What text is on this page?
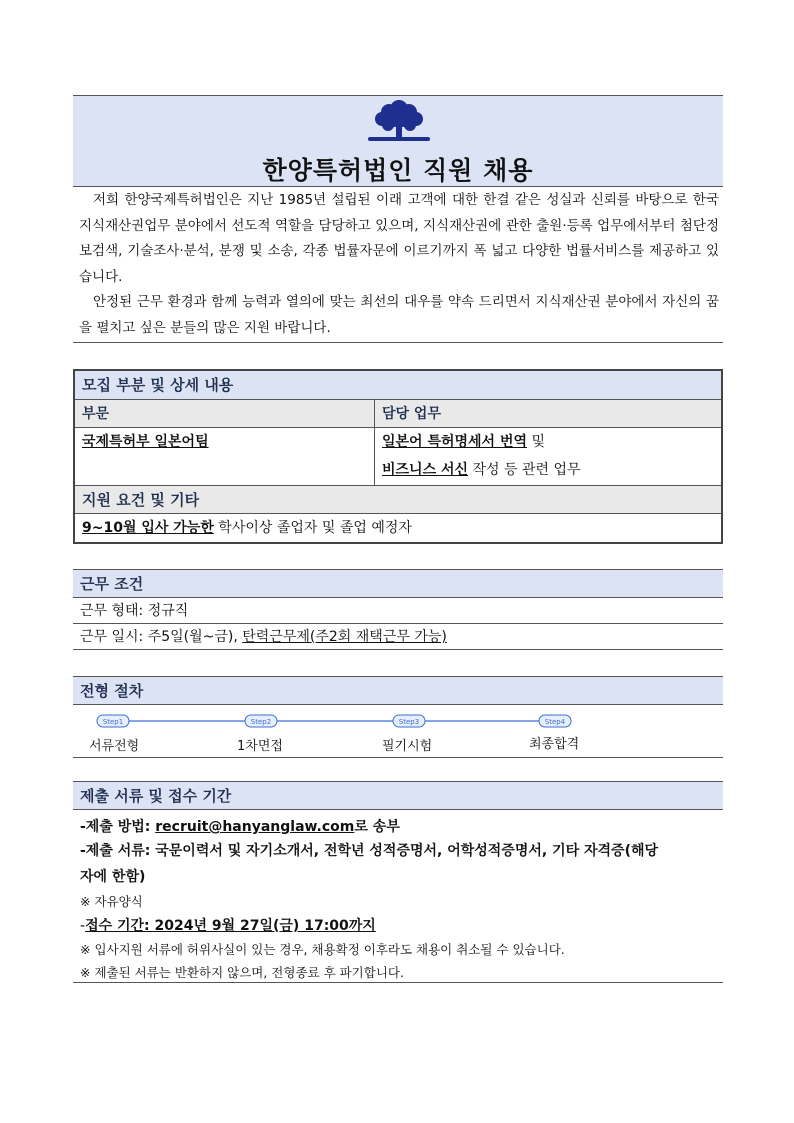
한양특허법인 직원 채용

저희 한양국제특허법인은 지난 1985년 설립된 이래 고객에 대한 한결 같은 성실과 신뢰를 바탕으로 한국 지식재산권업무 분야에서 선도적 역할을 담당하고 있으며, 지식재산권에 관한 출원·등록 업무에서부터 첨단정보검색, 기술조사·분석, 분쟁 및 소송, 각종 법률자문에 이르기까지 폭 넓고 다양한 법률서비스를 제공하고 있습니다.

안정된 근무 환경과 함께 능력과 열의에 맞는 최선의 대우를 약속 드리면서 지식재산권 분야에서 자신의 꿈을 펼치고 싶은 분들의 많은 지원 바랍니다.

모집 부분 및 상세 내용
부문	담당 업무
국제특허부 일본어팀	일본어 특허명세서 번역 및
비즈니스 서신 작성 등 관련 업무
지원 요건 및 기타
9~10월 입사 가능한 학사이상 졸업자 및 졸업 예정자
근무 조건
근무 형태: 정규직
근무 일시: 주5일(월~금), 탄력근무제(주2회 재택근무 가능)
전형 절차
Step1	Step2	Step3	Step4
서류전형	1차면접	필기시험	최종합격
제출 서류 및 접수 기간
-제출 방법: recruit@hanyanglaw.com로 송부
-제출 서류: 국문이력서 및 자기소개서, 전학년 성적증명서, 어학성적증명서, 기타 자격증(해당
자에 한함)
※ 자유양식
-접수 기간: 2024년 9월 27일(금) 17:00까지
※ 입사지원 서류에 허위사실이 있는 경우, 채용확정 이후라도 채용이 취소될 수 있습니다.
※ 제출된 서류는 반환하지 않으며, 전형종료 후 파기합니다.
